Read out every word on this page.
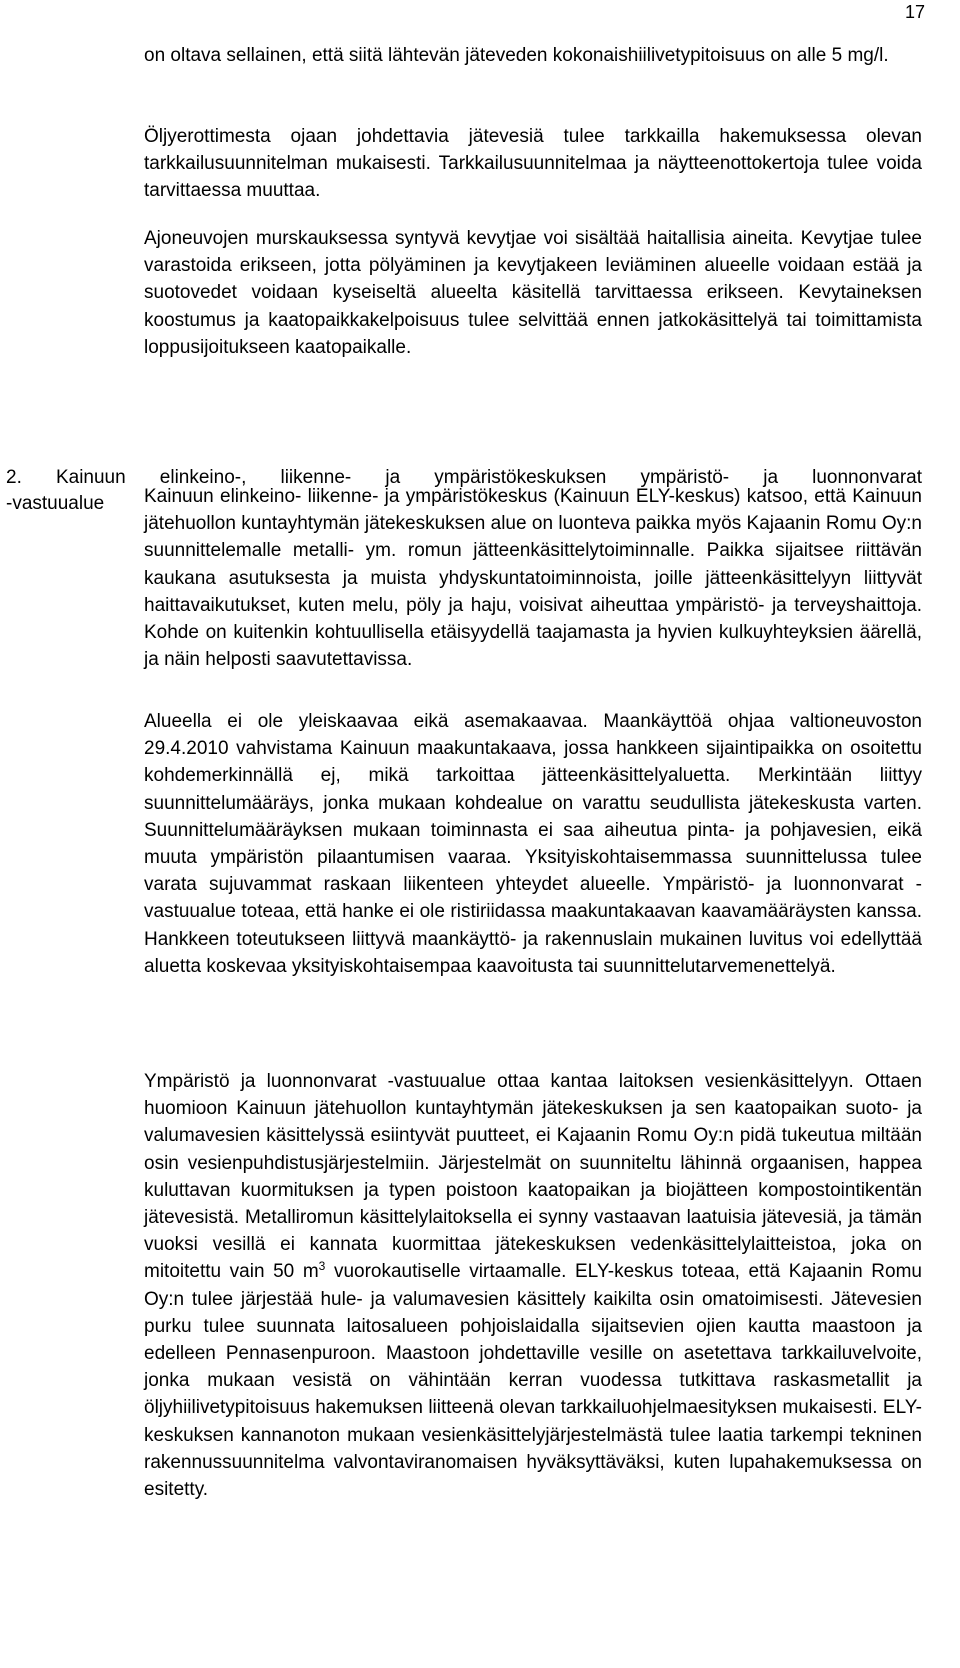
17

on oltava sellainen, että siitä lähtevän jäteveden kokonaishiilivetypitoisuus on alle 5 mg/l.

Öljyerottimesta ojaan johdettavia jätevesiä tulee tarkkailla hakemuksessa olevan tarkkailusuunnitelman mukaisesti. Tarkkailusuunnitelmaa ja näytteenottokertoja tulee voida tarvittaessa muuttaa.

Ajoneuvojen murskauksessa syntyvä kevytjae voi sisältää haitallisia aineita. Kevytjae tulee varastoida erikseen, jotta pölyäminen ja kevytjakeen leviäminen alueelle voidaan estää ja suotovedet voidaan kyseiseltä alueelta käsitellä tarvittaessa erikseen. Kevytaineksen koostumus ja kaatopaikkakelpoisuus tulee selvittää ennen jatkokäsittelyä tai toimittamista loppusijoitukseen kaatopaikalle.

2. Kainuun elinkeino-, liikenne- ja ympäristökeskuksen ympäristö- ja luonnonvarat
-vastuualue	Kainuun elinkeino- liikenne- ja ympäristökeskus (Kainuun ELY-keskus) katsoo, että Kainuun jätehuollon kuntayhtymän jätekeskuksen alue on luonteva paikka myös Kajaanin Romu Oy:n suunnittelemalle metalli- ym. romun jätteenkäsittelytoiminnalle. Paikka sijaitsee riittävän kaukana asutuksesta ja muista yhdyskuntatoiminnoista, joille jätteenkäsittelyyn liittyvät haittavaikutukset, kuten melu, pöly ja haju, voisivat aiheuttaa ympäristö- ja terveyshaittoja. Kohde on kuitenkin kohtuullisella etäisyydellä taajamasta ja hyvien kulkuyhteyksien äärellä, ja näin helposti saavutettavissa.

Alueella ei ole yleiskaavaa eikä asemakaavaa. Maankäyttöä ohjaa valtioneuvoston 29.4.2010 vahvistama Kainuun maakuntakaava, jossa hankkeen sijaintipaikka on osoitettu kohdemerkinnällä ej, mikä tarkoittaa jätteenkäsittelyaluetta. Merkintään liittyy suunnittelumääräys, jonka mukaan kohdealue on varattu seudullista jätekeskusta varten. Suunnittelumääräyksen mukaan toiminnasta ei saa aiheutua pinta- ja pohjavesien, eikä muuta ympäristön pilaantumisen vaaraa. Yksityiskohtaisemmassa suunnittelussa tulee varata sujuvammat raskaan liikenteen yhteydet alueelle. Ympäristö- ja luonnonvarat -vastuualue toteaa, että hanke ei ole ristiriidassa maakuntakaavan kaavamääräysten kanssa. Hankkeen toteutukseen liittyvä maankäyttö- ja rakennuslain mukainen luvitus voi edellyttää aluetta koskevaa yksityiskohtaisempaa kaavoitusta tai suunnittelutarvemenettelyä.

Ympäristö ja luonnonvarat -vastuualue ottaa kantaa laitoksen vesienkäsittelyyn. Ottaen huomioon Kainuun jätehuollon kuntayhtymän jätekeskuksen ja sen kaatopaikan suoto- ja valumavesien käsittelyssä esiintyvät puutteet, ei Kajaanin Romu Oy:n pidä tukeutua miltään osin vesienpuhdistusjärjestelmiin. Järjestelmät on suunniteltu lähinnä orgaanisen, happea kuluttavan kuormituksen ja typen poistoon kaatopaikan ja biojätteen kompostointikentän jätevesistä. Metalliromun käsittelylaitoksella ei synny vastaavan laatuisia jätevesiä, ja tämän vuoksi vesillä ei kannata kuormittaa jätekeskuksen vedenkäsittelylaitteistoa, joka on mitoitettu vain 50 $m^3$ vuorokautiselle virtaamalle. ELY-keskus toteaa, että Kajaanin Romu Oy:n tulee järjestää hule- ja valumavesien käsittely kaikilta osin omatoimisesti. Jätevesien purku tulee suunnata laitosalueen pohjoislaidalla sijaitsevien ojien kautta maastoon ja edelleen Pennasenpuroon. Maastoon johdettaville vesille on asetettava tarkkailuvelvoite, jonka mukaan vesistä on vähintään kerran vuodessa tutkittava raskasmetallit ja öljyhiilivetypitoisuus hakemuksen liitteenä olevan tarkkailuohjelmaesityksen mukaisesti. ELY-keskuksen kannanoton mukaan vesienkäsittelyjärjestelmästä tulee laatia tarkempi tekninen rakennussuunnitelma valvontaviranomaisen hyväksyttäväksi, kuten lupahakemuksessa on esitetty.
